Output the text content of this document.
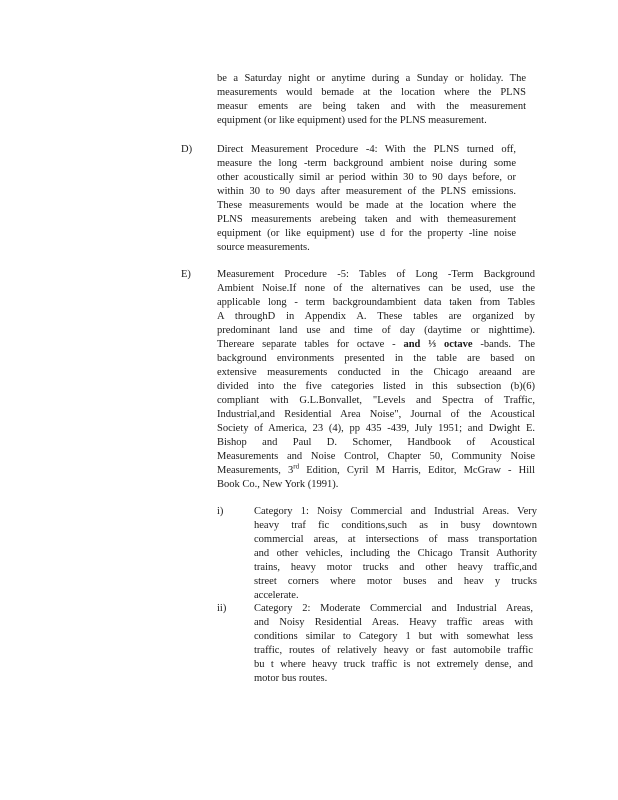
be a Saturday night or anytime during a Sunday or holiday. The
measurements would bemade at the location where the PLNS
measur ements are being taken and with the measurement
equipment (or like equipment) used for the PLNS measurement.
D) Direct Measurement Procedure -4: With the PLNS turned off,
measure the long -term background ambient noise during some
other acoustically simil ar period within 30 to 90 days before, or
within 30 to 90 days after measurement of the PLNS emissions.
These measurements would be made at the location where the
PLNS measurements arebeing taken and with themeasurement
equipment (or like equipment) use d for the property -line noise
source measurements.
E) Measurement Procedure -5: Tables of Long -Term Background
Ambient Noise.If none of the alternatives can be used, use the
applicable long - term backgroundambient data taken from Tables
A throughD in Appendix A. These tables are organized by
predominant land use and time of day (daytime or nighttime).
Thereare separate tables for octave - and ⅓ octave -bands. The
background environments presented in the table are based on
extensive measurements conducted in the Chicago areaand are
divided into the five categories listed in this subsection (b)(6)
compliant with G.L.Bonvallet, "Levels and Spectra of Traffic,
Industrial,and Residential Area Noise", Journal of the Acoustical
Society of America, 23 (4), pp 435 -439, July 1951; and Dwight E.
Bishop and Paul D. Schomer, Handbook of Acoustical
Measurements and Noise Control, Chapter 50, Community Noise
Measurements, 3rd Edition, Cyril M Harris, Editor, McGraw - Hill
Book Co., New York (1991).
i)	Category 1: Noisy Commercial and Industrial Areas. Very
heavy traf fic conditions,such as in busy downtown
commercial areas, at intersections of mass transportation
and other vehicles, including the Chicago Transit Authority
trains, heavy motor trucks and other heavy traffic,and
street corners where motor buses and heav y trucks
accelerate.
ii)	Category 2: Moderate Commercial and Industrial Areas,
and Noisy Residential Areas. Heavy traffic areas with
conditions similar to Category 1 but with somewhat less
traffic, routes of relatively heavy or fast automobile traffic
bu t where heavy truck traffic is not extremely dense, and
motor bus routes.
